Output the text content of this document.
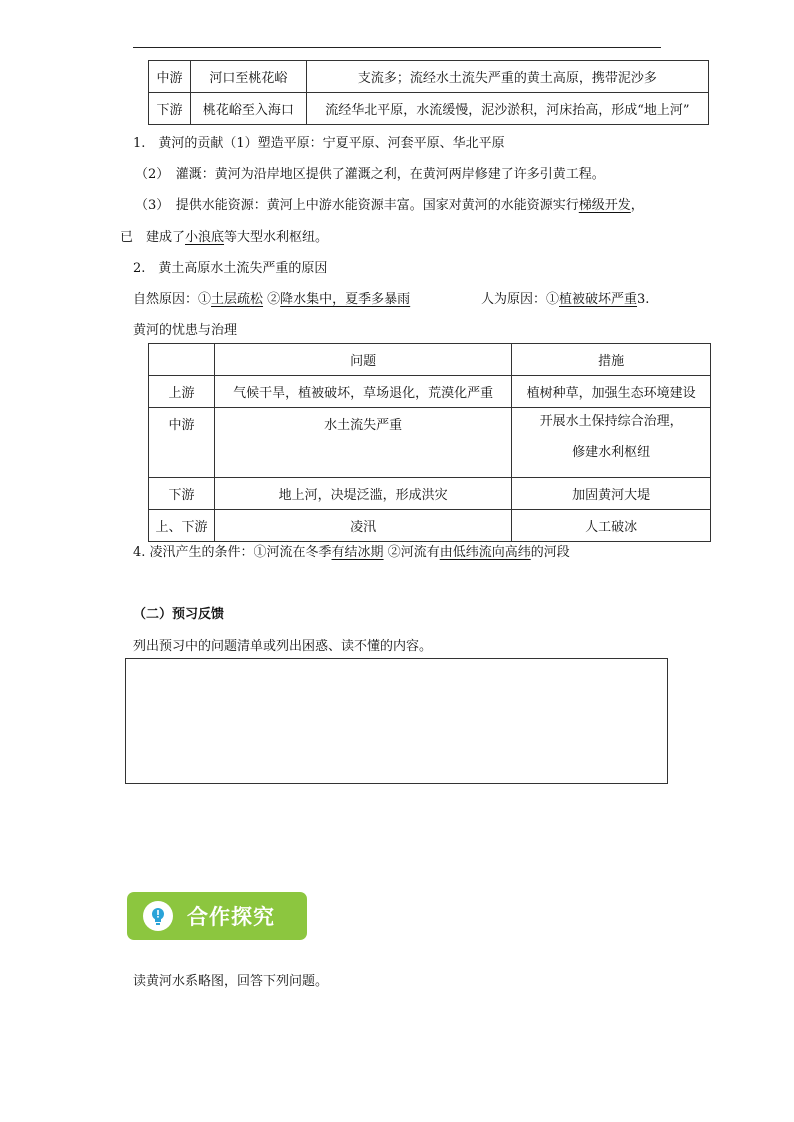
中游	河口至桃花峪	支流多；流经水土流失严重的黄土高原，携带泥沙多
下游	桃花峪至入海口	流经华北平原，水流缓慢，泥沙淤积，河床抬高，形成“地上河”
1.　黄河的贡献（1）塑造平原：宁夏平原、河套平原、华北平原
（2）　灌溉：黄河为沿岸地区提供了灌溉之利，在黄河两岸修建了许多引黄工程。
（3）　提供水能资源：黄河上中游水能资源丰富。国家对黄河的水能资源实行梯级开发，
已　建成了小浪底等大型水利枢纽。
2.　黄土高原水土流失严重的原因
自然原因：①土层疏松 ②降水集中，夏季多暴雨	人为原因：①植被破坏严重3.
黄河的忧患与治理
	问题	措施
上游	气候干旱，植被破坏，草场退化，荒漠化严重	植树种草，加强生态环境建设
中游	水土流失严重	开展水土保持综合治理，
修建水利枢纽

下游	地上河，决堤泛滥，形成洪灾	加固黄河大堤
上、下游	凌汛	人工破冰
4. 凌汛产生的条件：①河流在冬季有结冰期 ②河流有由低纬流向高纬的河段
（二）预习反馈
列出预习中的问题清单或列出困惑、读不懂的内容。
合作探究
读黄河水系略图，回答下列问题。
